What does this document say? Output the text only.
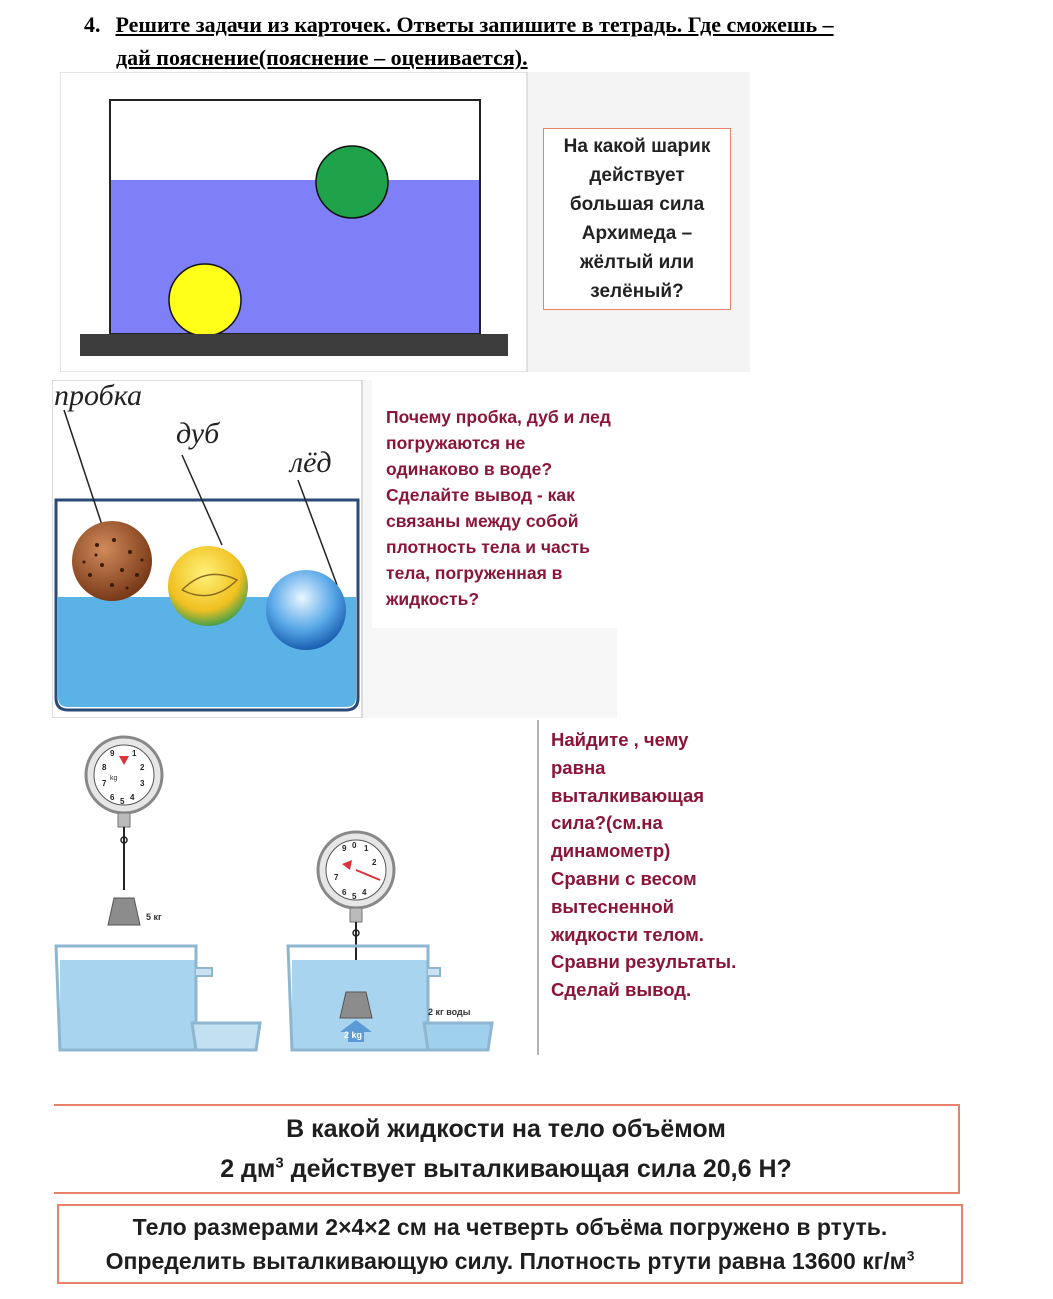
4. Решите задачи из карточек. Ответы запишите в тетрадь. Где сможешь –
дай пояснение(пояснение – оценивается).
На какой шарик действует большая сила Архимеда – жёлтый или зелёный?
пробка
дуб
лёд
Почему пробка, дуб и лед погружаются не одинаково в воде? Сделайте вывод - как связаны между собой плотность тела и часть тела, погруженная в жидкость?
kg
1
2
3
4
5
6
7
8
9
5 кг
0 1
2
4
5
6
7
9
2 kg
2 кг воды
Найдите , чему равна выталкивающая сила?(см.на динамометр) Сравни с весом вытесненной жидкости телом. Сравни результаты. Сделай вывод.
В какой жидкости на тело объёмом
2 $дм^3$ действует выталкивающая сила 20,6 Н?
Тело размерами 2×4×2 см на четверть объёма погружено в ртуть.
Определить выталкивающую силу. Плотность ртути равна 13600 $кг/м^3$
